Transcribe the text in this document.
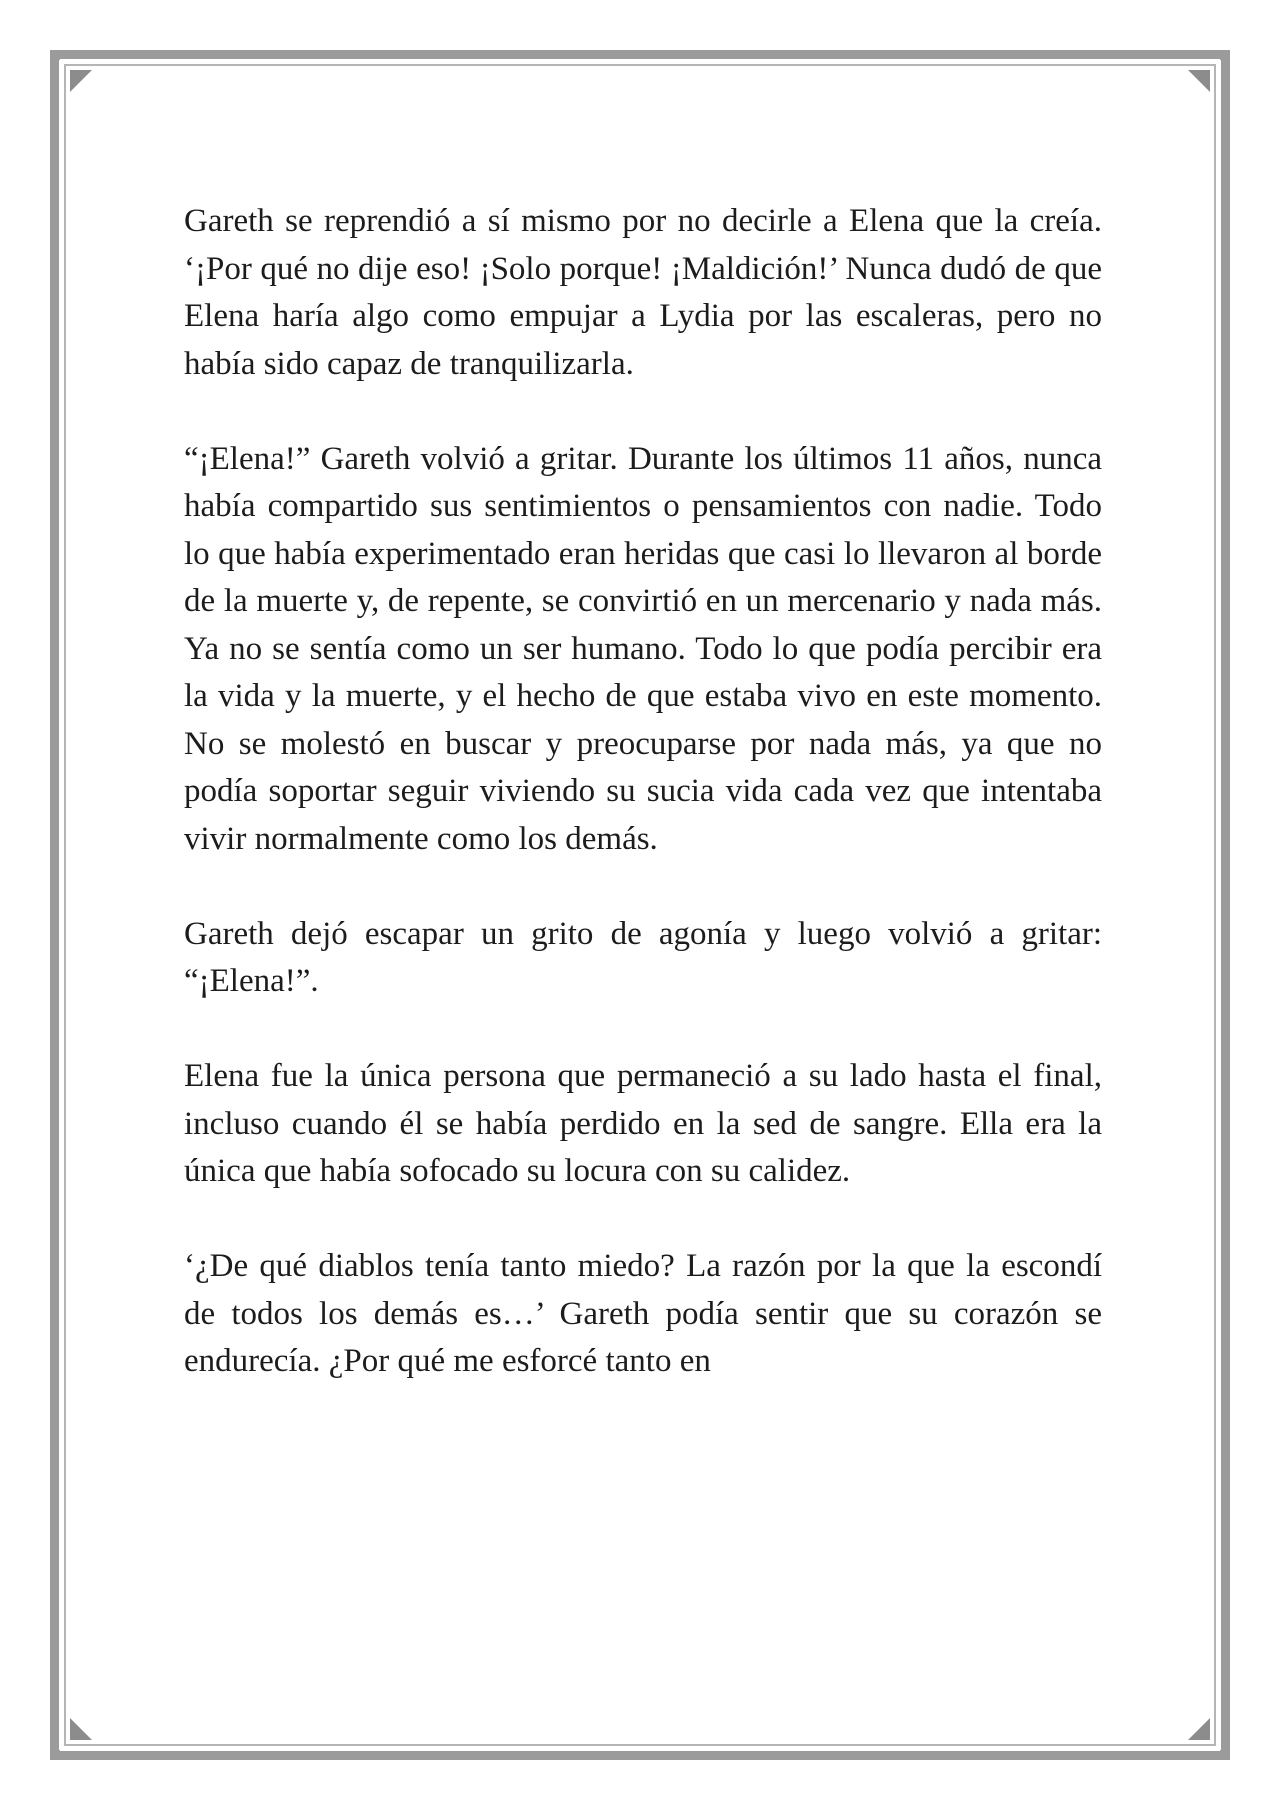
Gareth se reprendió a sí mismo por no decirle a Elena que la creía. ‘¡Por qué no dije eso! ¡Solo porque! ¡Maldición!’ Nunca dudó de que Elena haría algo como empujar a Lydia por las escaleras, pero no había sido capaz de tranquilizarla.

“¡Elena!” Gareth volvió a gritar. Durante los últimos 11 años, nunca había compartido sus sentimientos o pensamientos con nadie. Todo lo que había experimentado eran heridas que casi lo llevaron al borde de la muerte y, de repente, se convirtió en un mercenario y nada más. Ya no se sentía como un ser humano. Todo lo que podía percibir era la vida y la muerte, y el hecho de que estaba vivo en este momento. No se molestó en buscar y preocuparse por nada más, ya que no podía soportar seguir viviendo su sucia vida cada vez que intentaba vivir normalmente como los demás.

Gareth dejó escapar un grito de agonía y luego volvió a gritar: “¡Elena!”.

Elena fue la única persona que permaneció a su lado hasta el final, incluso cuando él se había perdido en la sed de sangre. Ella era la única que había sofocado su locura con su calidez.

‘¿De qué diablos tenía tanto miedo? La razón por la que la escondí de todos los demás es…’ Gareth podía sentir que su corazón se endurecía. ¿Por qué me esforcé tanto en
